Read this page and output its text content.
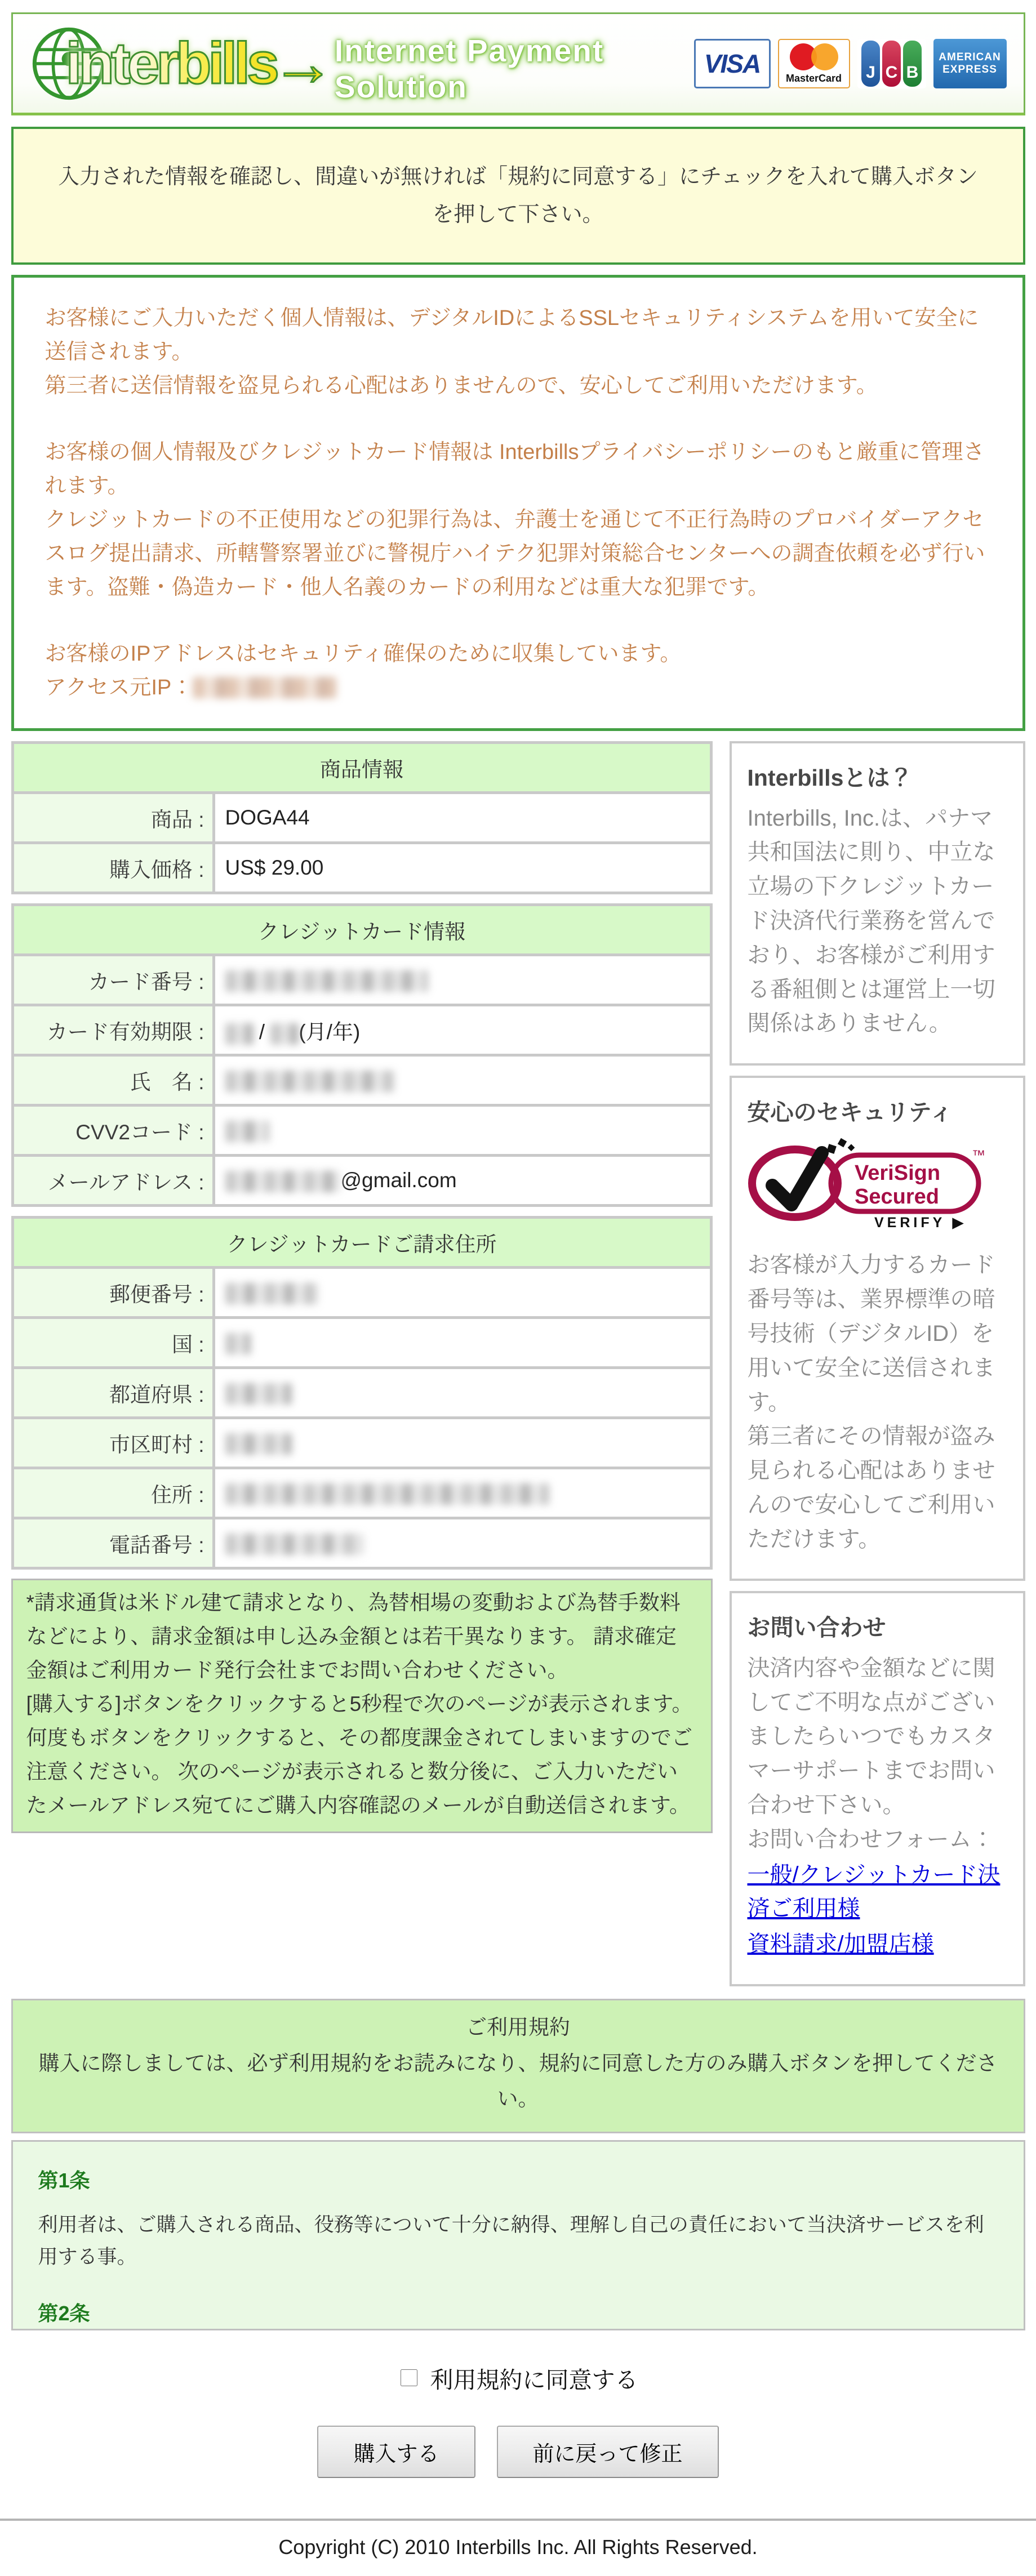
interbills
→ Internet Payment Solution
VISA	MasterCard J C B
AMERICAN EXPRESS
入力された情報を確認し、間違いが無ければ「規約に同意する」にチェックを入れて購入ボタンを押して下さい。
お客様にご入力いただく個人情報は、デジタルIDによるSSLセキュリティシステムを用いて安全に送信されます。
第三者に送信情報を盗見られる心配はありませんので、安心してご利用いただけます。
お客様の個人情報及びクレジットカード情報は Interbillsプライバシーポリシーのもと厳重に管理されます。
クレジットカードの不正使用などの犯罪行為は、弁護士を通じて不正行為時のプロバイダーアクセスログ提出請求、所轄警察署並びに警視庁ハイテク犯罪対策総合センターへの調査依頼を必ず行います。盗難・偽造カード・他人名義のカードの利用などは重大な犯罪です。
お客様のIPアドレスはセキュリティ確保のために収集しています。
アクセス元IP：
商品情報	
商品 :	DOGA44
購入価格 :	US$ 29.00
クレジットカード情報	
カード番号 :	
カード有効期限 :	/ (月/年)
氏　名 :	
CVV2コード :	
メールアドレス :	@gmail.com
クレジットカードご請求住所	
郵便番号 :	
国 :	
都道府県 :	
市区町村 :	
住所 :	
電話番号 :	

*請求通貨は米ドル建て請求となり、為替相場の変動および為替手数料などにより、請求金額は申し込み金額とは若干異なります。 請求確定金額はご利用カード発行会社までお問い合わせください。

[購入する]ボタンをクリックすると5秒程で次のページが表示されます。何度もボタンをクリックすると、その都度課金されてしまいますのでご注意ください。 次のページが表示されると数分後に、ご入力いただいたメールアドレス宛てにご購入内容確認のメールが自動送信されます。

Interbillsとは？
Interbills, Inc.は、パナマ共和国法に則り、中立な立場の下クレジットカード決済代行業務を営んでおり、お客様がご利用する番組側とは運営上一切関係はありません。
安心のセキュリティ
VeriSign
Secured
™
VERIFY ▶
お客様が入力するカード番号等は、業界標準の暗号技術（デジタルID）を用いて安全に送信されます。
第三者にその情報が盗み見られる心配はありませんので安心してご利用いただけます。
お問い合わせ
決済内容や金額などに関してご不明な点がございましたらいつでもカスタマーサポートまでお問い合わせ下さい。
お問い合わせフォーム：
一般/クレジットカード決済ご利用様
資料請求/加盟店様
ご利用規約
購入に際しましては、必ず利用規約をお読みになり、規約に同意した方のみ購入ボタンを押してください。
第1条

利用者は、ご購入される商品、役務等について十分に納得、理解し自己の責任において当決済サービスを利用する事。

第2条

利用規約に同意する
購入する	前に戻って修正
Copyright (C) 2010 Interbills Inc. All Rights Reserved.
